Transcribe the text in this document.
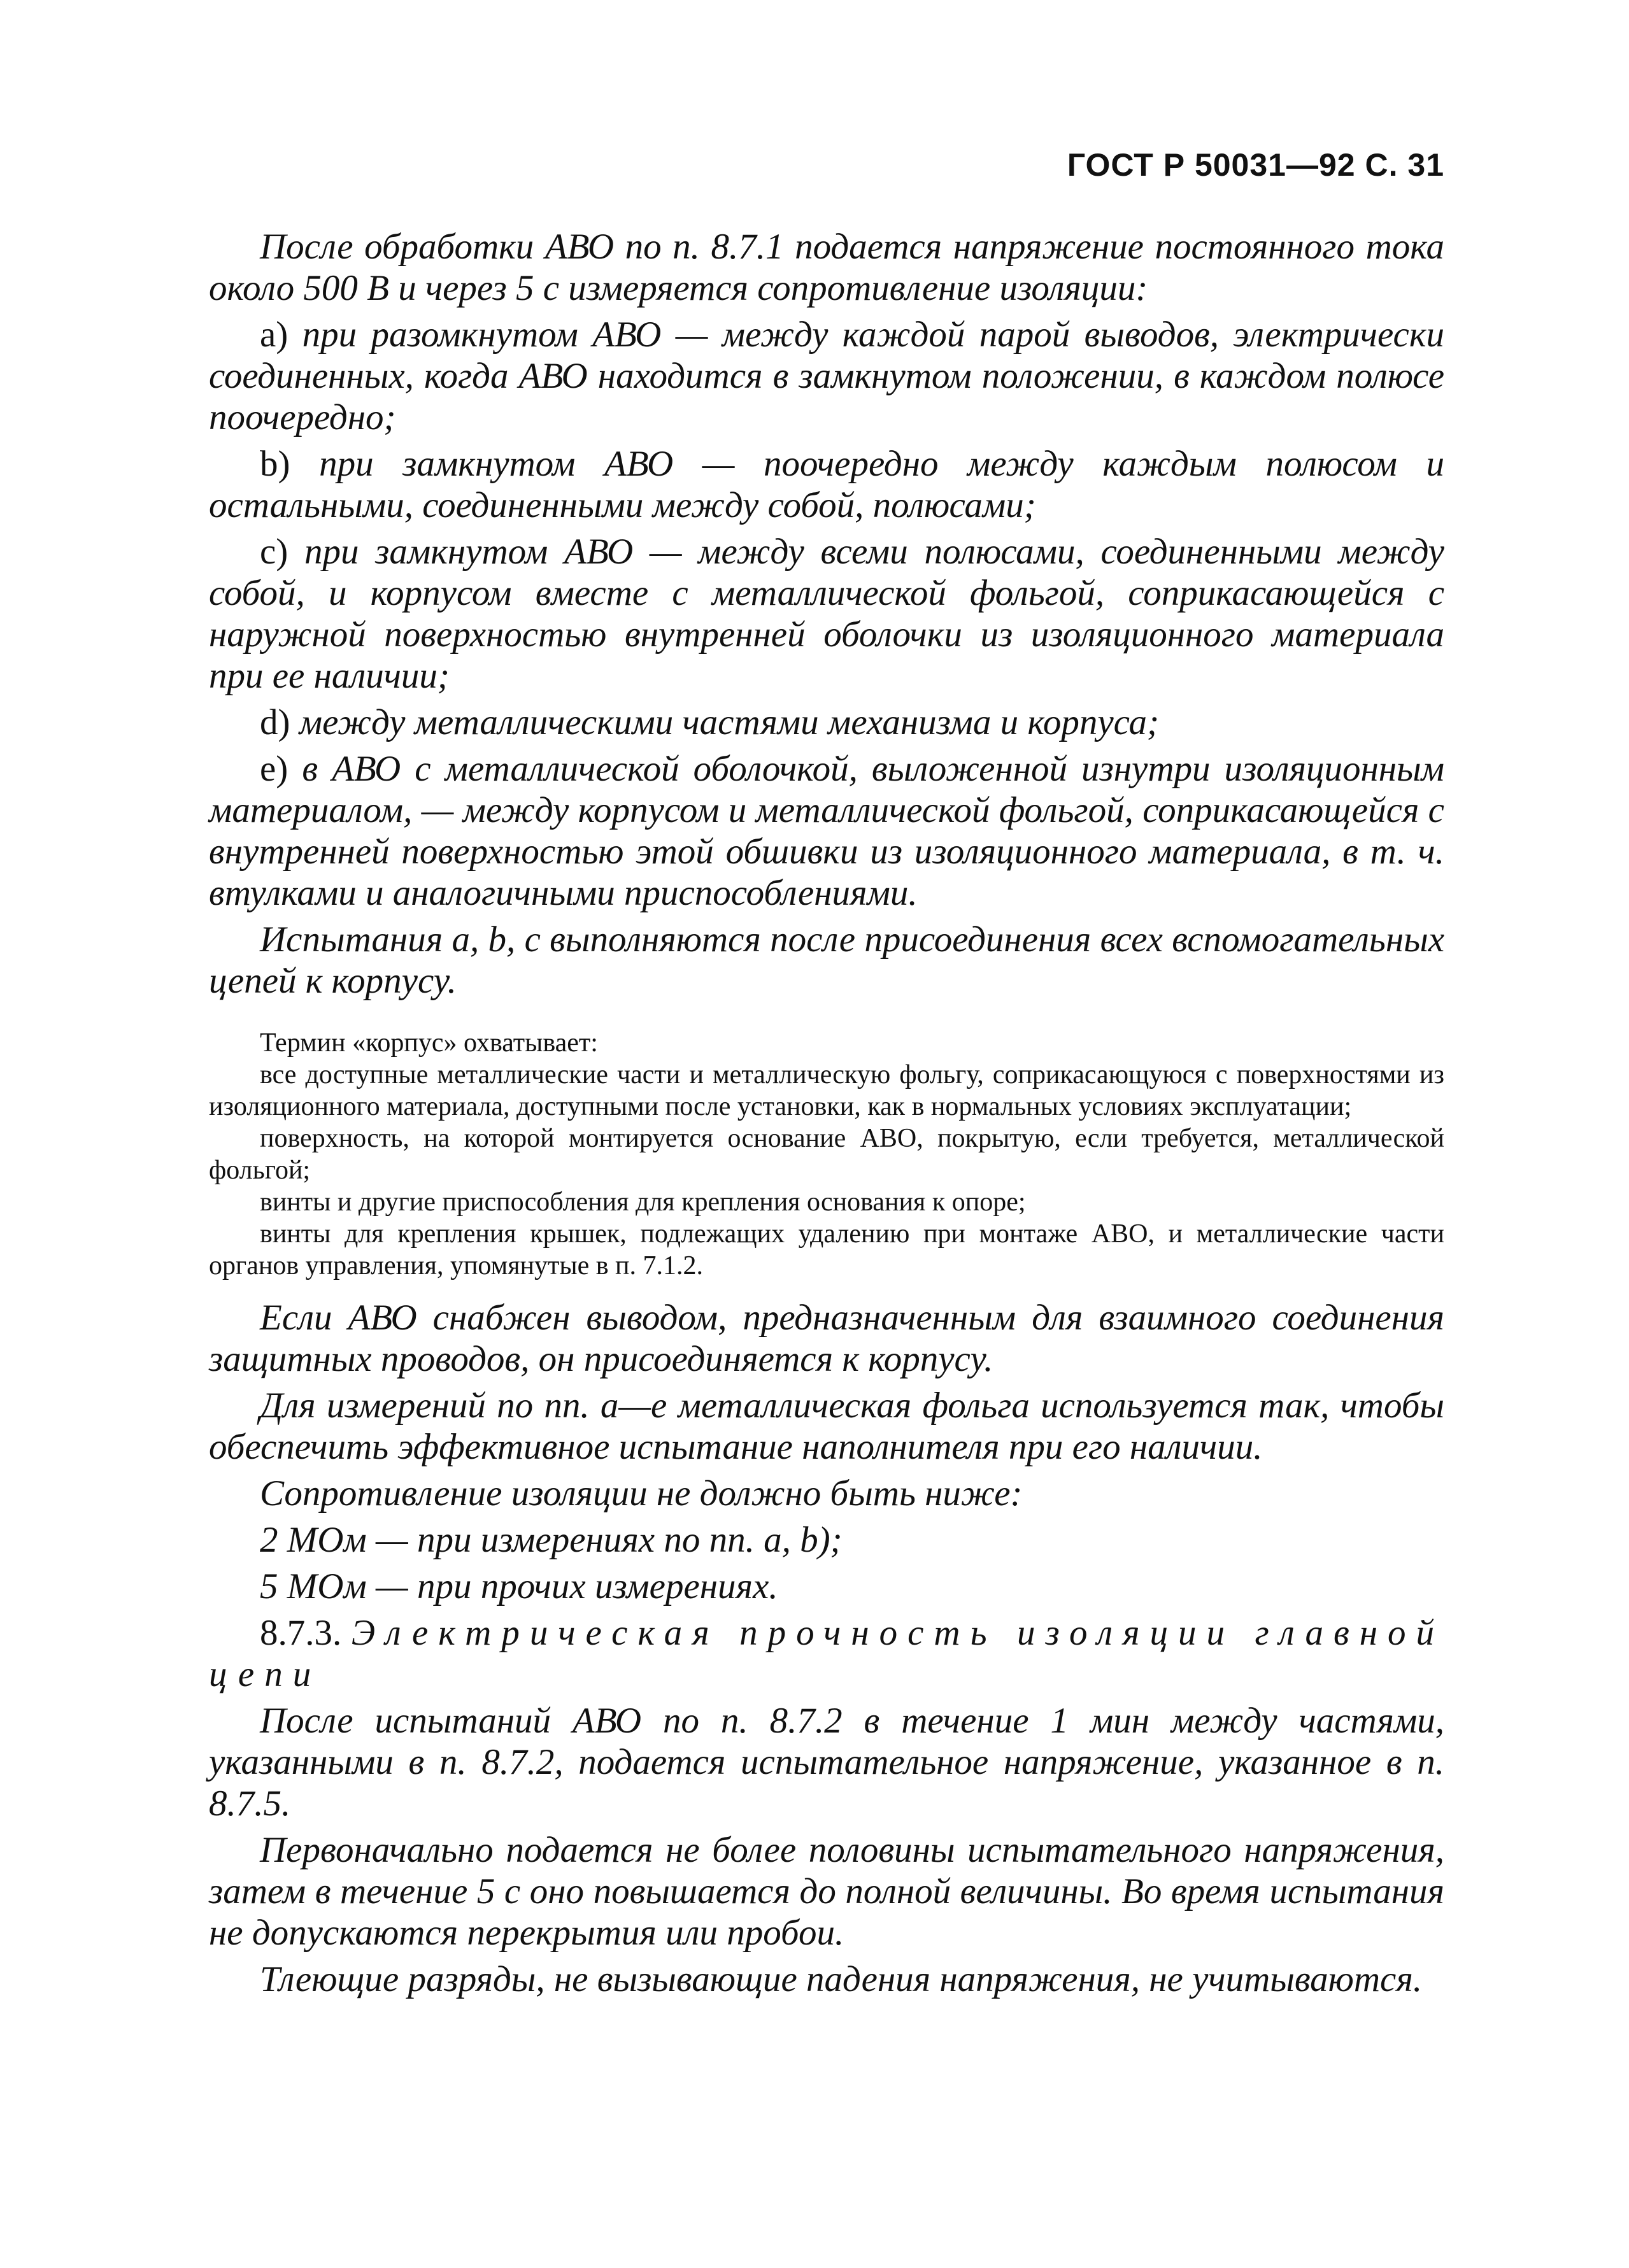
ГОСТ Р 50031—92 С. 31

После обработки АВО по п. 8.7.1 подается напряжение постоянного тока около 500 В и через 5 с измеряется сопротивление изоляции:

a) при разомкнутом АВО — между каждой парой выводов, электрически соединенных, когда АВО находится в замкнутом положении, в каждом полюсе поочередно;

b) при замкнутом АВО — поочередно между каждым полюсом и остальными, соединенными между собой, полюсами;

c) при замкнутом АВО — между всеми полюсами, соединенными между собой, и корпусом вместе с металлической фольгой, соприкасающейся с наружной поверхностью внутренней оболочки из изоляционного материала при ее наличии;

d) между металлическими частями механизма и корпуса;

e) в АВО с металлической оболочкой, выложенной изнутри изоляционным материалом, — между корпусом и металлической фольгой, соприкасающейся с внутренней поверхностью этой обшивки из изоляционного материала, в т. ч. втулками и аналогичными приспособлениями.

Испытания a, b, c выполняются после присоединения всех вспомогательных цепей к корпусу.

Термин «корпус» охватывает:

все доступные металлические части и металлическую фольгу, соприкасающуюся с поверхностями из изоляционного материала, доступными после установки, как в нормальных условиях эксплуатации;

поверхность, на которой монтируется основание АВО, покрытую, если требуется, металлической фольгой;

винты и другие приспособления для крепления основания к опоре;

винты для крепления крышек, подлежащих удалению при монтаже АВО, и металлические части органов управления, упомянутые в п. 7.1.2.

Если АВО снабжен выводом, предназначенным для взаимного соединения защитных проводов, он присоединяется к корпусу.

Для измерений по пп. a—e металлическая фольга используется так, чтобы обеспечить эффективное испытание наполнителя при его наличии.

Сопротивление изоляции не должно быть ниже:

2 МОм — при измерениях по пп. a, b);

5 МОм — при прочих измерениях.

8.7.3. Электрическая прочность изоляции главной цепи

После испытаний АВО по п. 8.7.2 в течение 1 мин между частями, указанными в п. 8.7.2, подается испытательное напряжение, указанное в п. 8.7.5.

Первоначально подается не более половины испытательного напряжения, затем в течение 5 с оно повышается до полной величины. Во время испытания не допускаются перекрытия или пробои.

Тлеющие разряды, не вызывающие падения напряжения, не учитываются.
